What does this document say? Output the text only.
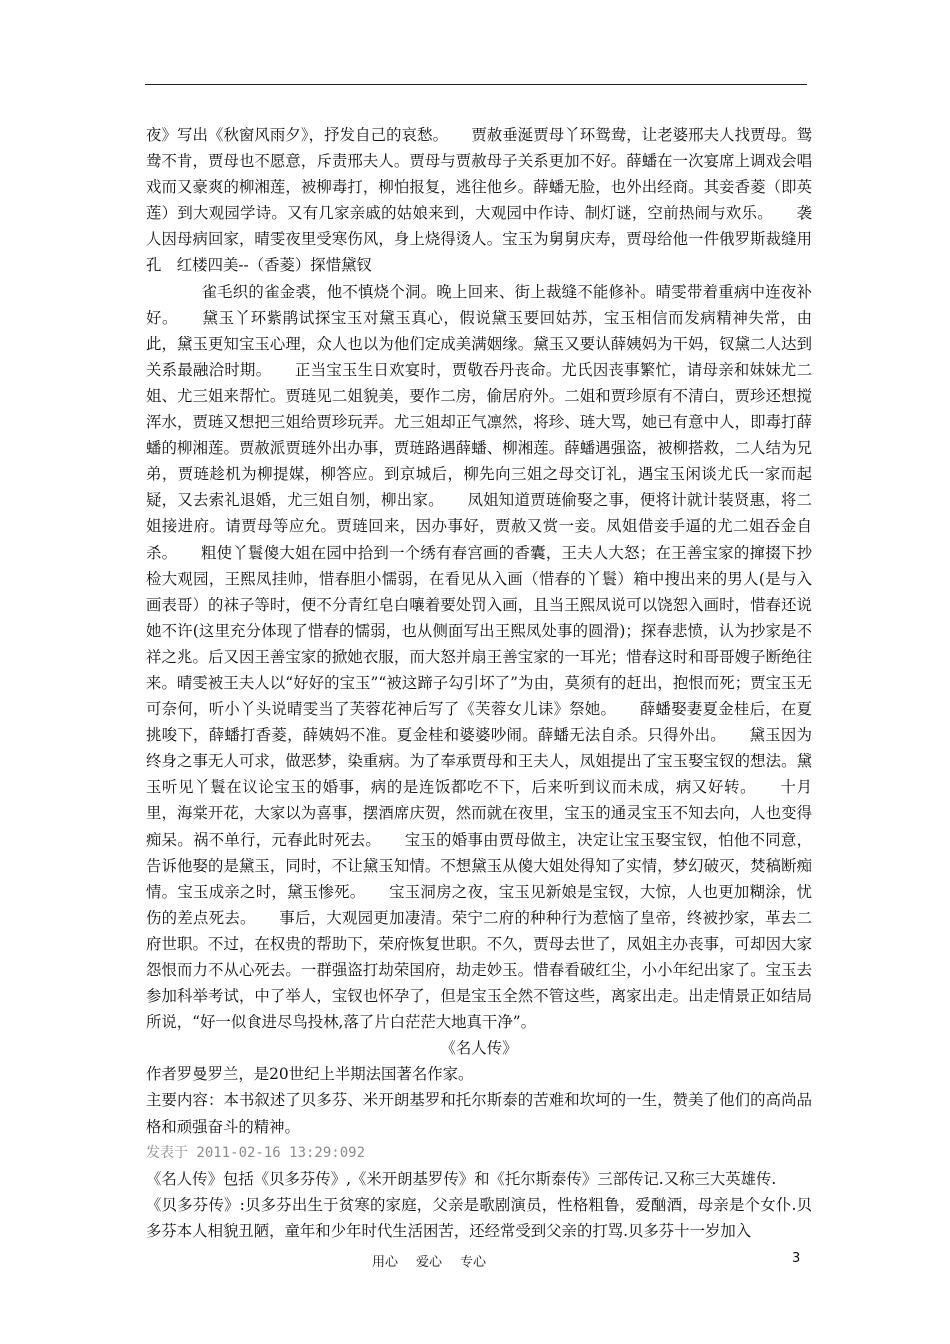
夜》写出《秋窗风雨夕》，抒发自己的哀愁。　　贾赦垂涎贾母丫环鸳鸯，让老婆邢夫人找贾母。鸳鸯不肯，贾母也不愿意，斥责邢夫人。贾母与贾赦母子关系更加不好。薛蟠在一次宴席上调戏会唱戏而又豪爽的柳湘莲，被柳毒打，柳怕报复，逃往他乡。薛蟠无脸，也外出经商。其妾香菱（即英莲）到大观园学诗。又有几家亲戚的姑娘来到，大观园中作诗、制灯谜，空前热闹与欢乐。　　袭人因母病回家，晴雯夜里受寒伤风，身上烧得烫人。宝玉为舅舅庆寿，贾母给他一件俄罗斯裁缝用孔　红楼四美--（香菱）探惜黛钗

雀毛织的雀金裘，他不慎烧个洞。晚上回来、街上裁缝不能修补。晴雯带着重病中连夜补好。　　黛玉丫环紫鹃试探宝玉对黛玉真心，假说黛玉要回姑苏，宝玉相信而发病精神失常，由此，黛玉更知宝玉心理，众人也以为他们定成美满姻缘。黛玉又要认薛姨妈为干妈，钗黛二人达到关系最融洽时期。　　正当宝玉生日欢宴时，贾敬吞丹丧命。尤氏因丧事繁忙，请母亲和妹妹尤二姐、尤三姐来帮忙。贾琏见二姐貌美，要作二房，偷居府外。二姐和贾珍原有不清白，贾珍还想搅浑水，贾琏又想把三姐给贾珍玩弄。尤三姐却正气凛然，将珍、琏大骂，她已有意中人，即毒打薛蟠的柳湘莲。贾赦派贾琏外出办事，贾琏路遇薛蟠、柳湘莲。薛蟠遇强盗，被柳搭救，二人结为兄弟，贾琏趁机为柳提媒，柳答应。到京城后，柳先向三姐之母交订礼，遇宝玉闲谈尤氏一家而起疑，又去索礼退婚，尤三姐自刎，柳出家。　　凤姐知道贾琏偷娶之事，便将计就计装贤惠，将二姐接进府。请贾母等应允。贾琏回来，因办事好，贾赦又赏一妾。凤姐借妾手逼的尤二姐吞金自杀。　　粗使丫鬟傻大姐在园中拾到一个绣有春宫画的香囊，王夫人大怒；在王善宝家的撺掇下抄检大观园，王熙凤挂帅，惜春胆小懦弱，在看见从入画（惜春的丫鬟）箱中搜出来的男人(是与入画表哥）的袜子等时，便不分青红皂白嚷着要处罚入画，且当王熙凤说可以饶恕入画时，惜春还说她不许(这里充分体现了惜春的懦弱，也从侧面写出王熙凤处事的圆滑)；探春悲愤，认为抄家是不祥之兆。后又因王善宝家的掀她衣服，而大怒并扇王善宝家的一耳光；惜春这时和哥哥嫂子断绝往来。晴雯被王夫人以“好好的宝玉”“被这蹄子勾引坏了”为由，莫须有的赶出，抱恨而死；贾宝玉无可奈何，听小丫头说晴雯当了芙蓉花神后写了《芙蓉女儿诔》祭她。　　薛蟠娶妻夏金桂后，在夏挑唆下，薛蟠打香菱，薛姨妈不准。夏金桂和婆婆吵闹。薛蟠无法自杀。只得外出。　　黛玉因为终身之事无人可求，做恶梦，染重病。为了奉承贾母和王夫人，凤姐提出了宝玉娶宝钗的想法。黛玉听见丫鬟在议论宝玉的婚事，病的是连饭都吃不下，后来听到议而未成，病又好转。　　十月里，海棠开花，大家以为喜事，摆酒席庆贺，然而就在夜里，宝玉的通灵宝玉不知去向，人也变得痴呆。祸不单行，元春此时死去。　　宝玉的婚事由贾母做主，决定让宝玉娶宝钗，怕他不同意，告诉他娶的是黛玉，同时，不让黛玉知情。不想黛玉从傻大姐处得知了实情，梦幻破灭，焚稿断痴情。宝玉成亲之时，黛玉惨死。　　宝玉洞房之夜，宝玉见新娘是宝钗，大惊，人也更加糊涂，忧伤的差点死去。　　事后，大观园更加凄清。荣宁二府的种种行为惹恼了皇帝，终被抄家，革去二府世职。不过，在权贵的帮助下，荣府恢复世职。不久，贾母去世了，凤姐主办丧事，可却因大家怨恨而力不从心死去。一群强盗打劫荣国府，劫走妙玉。惜春看破红尘，小小年纪出家了。宝玉去参加科举考试，中了举人，宝钗也怀孕了，但是宝玉全然不管这些，离家出走。出走情景正如结局所说，“好一似食进尽鸟投林,落了片白茫茫大地真干净”。

《名人传》

作者罗曼罗兰，是20世纪上半期法国著名作家。

主要内容：本书叙述了贝多芬、米开朗基罗和托尔斯泰的苦难和坎坷的一生，赞美了他们的高尚品格和顽强奋斗的精神。

发表于 2011-02-16 13:29:092

《名人传》包括《贝多芬传》,《米开朗基罗传》和《托尔斯泰传》三部传记.又称三大英雄传.

《贝多芬传》:贝多芬出生于贫寒的家庭，父亲是歌剧演员，性格粗鲁，爱酗酒，母亲是个女仆.贝多芬本人相貌丑陋，童年和少年时代生活困苦，还经常受到父亲的打骂.贝多芬十一岁加入

用心 爱心 专心	3
